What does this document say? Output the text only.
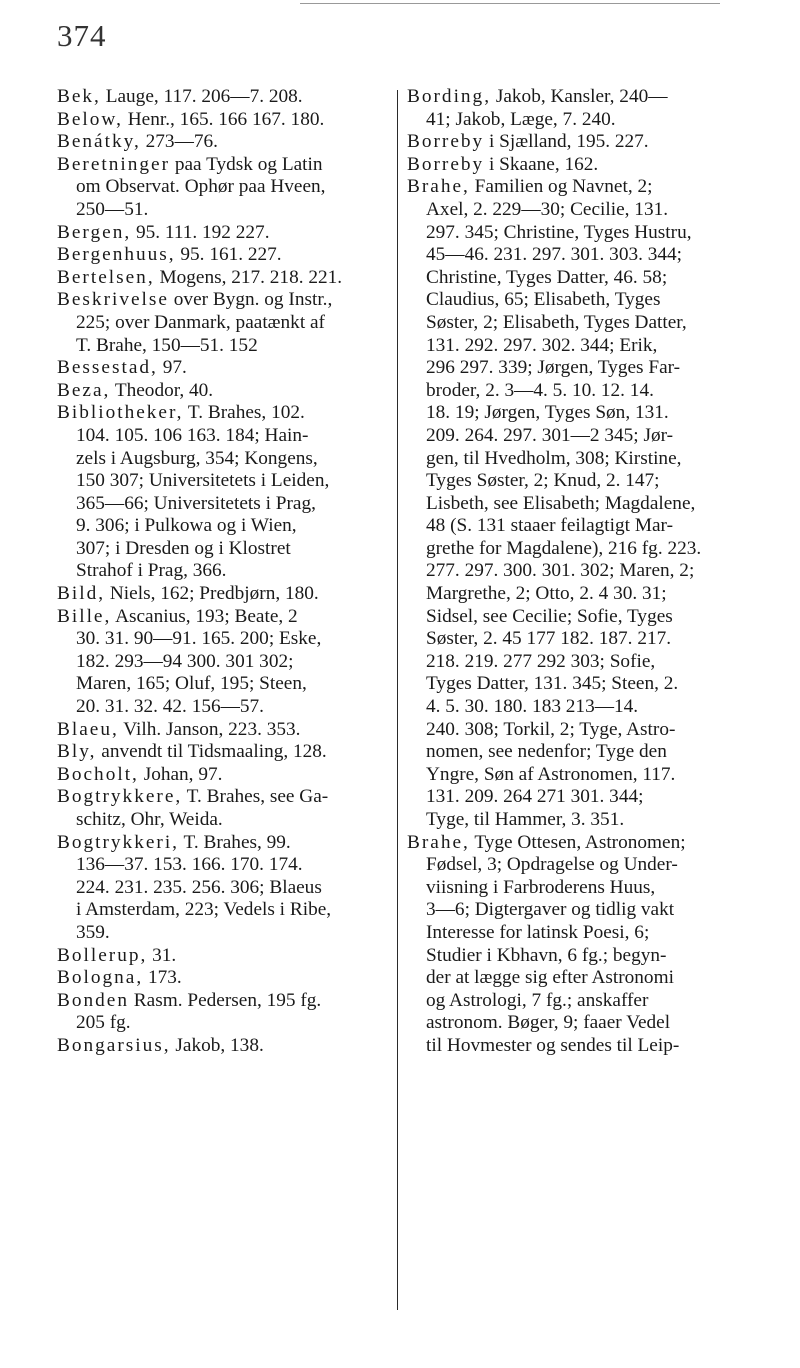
374
Bek, Lauge, 117. 206—7. 208.
Below, Henr., 165. 166 167. 180.
Benátky, 273—76.
Beretninger paa Tydsk og Latin
om Observat. Ophør paa Hveen,
250—51.
Bergen, 95. 111. 192 227.
Bergenhuus, 95. 161. 227.
Bertelsen, Mogens, 217. 218. 221.
Beskrivelse over Bygn. og Instr.,
225; over Danmark, paatænkt af
T. Brahe, 150—51. 152
Bessestad, 97.
Beza, Theodor, 40.
Bibliotheker, T. Brahes, 102.
104. 105. 106 163. 184; Hain-
zels i Augsburg, 354; Kongens,
150 307; Universitetets i Leiden,
365—66; Universitetets i Prag,
9. 306; i Pulkowa og i Wien,
307; i Dresden og i Klostret
Strahof i Prag, 366.
Bild, Niels, 162; Predbjørn, 180.
Bille, Ascanius, 193; Beate, 2
30. 31. 90—91. 165. 200; Eske,
182. 293—94 300. 301 302;
Maren, 165; Oluf, 195; Steen,
20. 31. 32. 42. 156—57.
Blaeu, Vilh. Janson, 223. 353.
Bly, anvendt til Tidsmaaling, 128.
Bocholt, Johan, 97.
Bogtrykkere, T. Brahes, see Ga-
schitz, Ohr, Weida.
Bogtrykkeri, T. Brahes, 99.
136—37. 153. 166. 170. 174.
224. 231. 235. 256. 306; Blaeus
i Amsterdam, 223; Vedels i Ribe,
359.
Bollerup, 31.
Bologna, 173.
Bonden Rasm. Pedersen, 195 fg.
205 fg.
Bongarsius, Jakob, 138.
Bording, Jakob, Kansler, 240—
41; Jakob, Læge, 7. 240.
Borreby i Sjælland, 195. 227.
Borreby i Skaane, 162.
Brahe, Familien og Navnet, 2;
Axel, 2. 229—30; Cecilie, 131.
297. 345; Christine, Tyges Hustru,
45—46. 231. 297. 301. 303. 344;
Christine, Tyges Datter, 46. 58;
Claudius, 65; Elisabeth, Tyges
Søster, 2; Elisabeth, Tyges Datter,
131. 292. 297. 302. 344; Erik,
296 297. 339; Jørgen, Tyges Far-
broder, 2. 3—4. 5. 10. 12. 14.
18. 19; Jørgen, Tyges Søn, 131.
209. 264. 297. 301—2 345; Jør-
gen, til Hvedholm, 308; Kirstine,
Tyges Søster, 2; Knud, 2. 147;
Lisbeth, see Elisabeth; Magdalene,
48 (S. 131 staaer feilagtigt Mar-
grethe for Magdalene), 216 fg. 223.
277. 297. 300. 301. 302; Maren, 2;
Margrethe, 2; Otto, 2. 4 30. 31;
Sidsel, see Cecilie; Sofie, Tyges
Søster, 2. 45 177 182. 187. 217.
218. 219. 277 292 303; Sofie,
Tyges Datter, 131. 345; Steen, 2.
4. 5. 30. 180. 183 213—14.
240. 308; Torkil, 2; Tyge, Astro-
nomen, see nedenfor; Tyge den
Yngre, Søn af Astronomen, 117.
131. 209. 264 271 301. 344;
Tyge, til Hammer, 3. 351.
Brahe, Tyge Ottesen, Astronomen;
Fødsel, 3; Opdragelse og Under-
viisning i Farbroderens Huus,
3—6; Digtergaver og tidlig vakt
Interesse for latinsk Poesi, 6;
Studier i Kbhavn, 6 fg.; begyn-
der at lægge sig efter Astronomi
og Astrologi, 7 fg.; anskaffer
astronom. Bøger, 9; faaer Vedel
til Hovmester og sendes til Leip-
